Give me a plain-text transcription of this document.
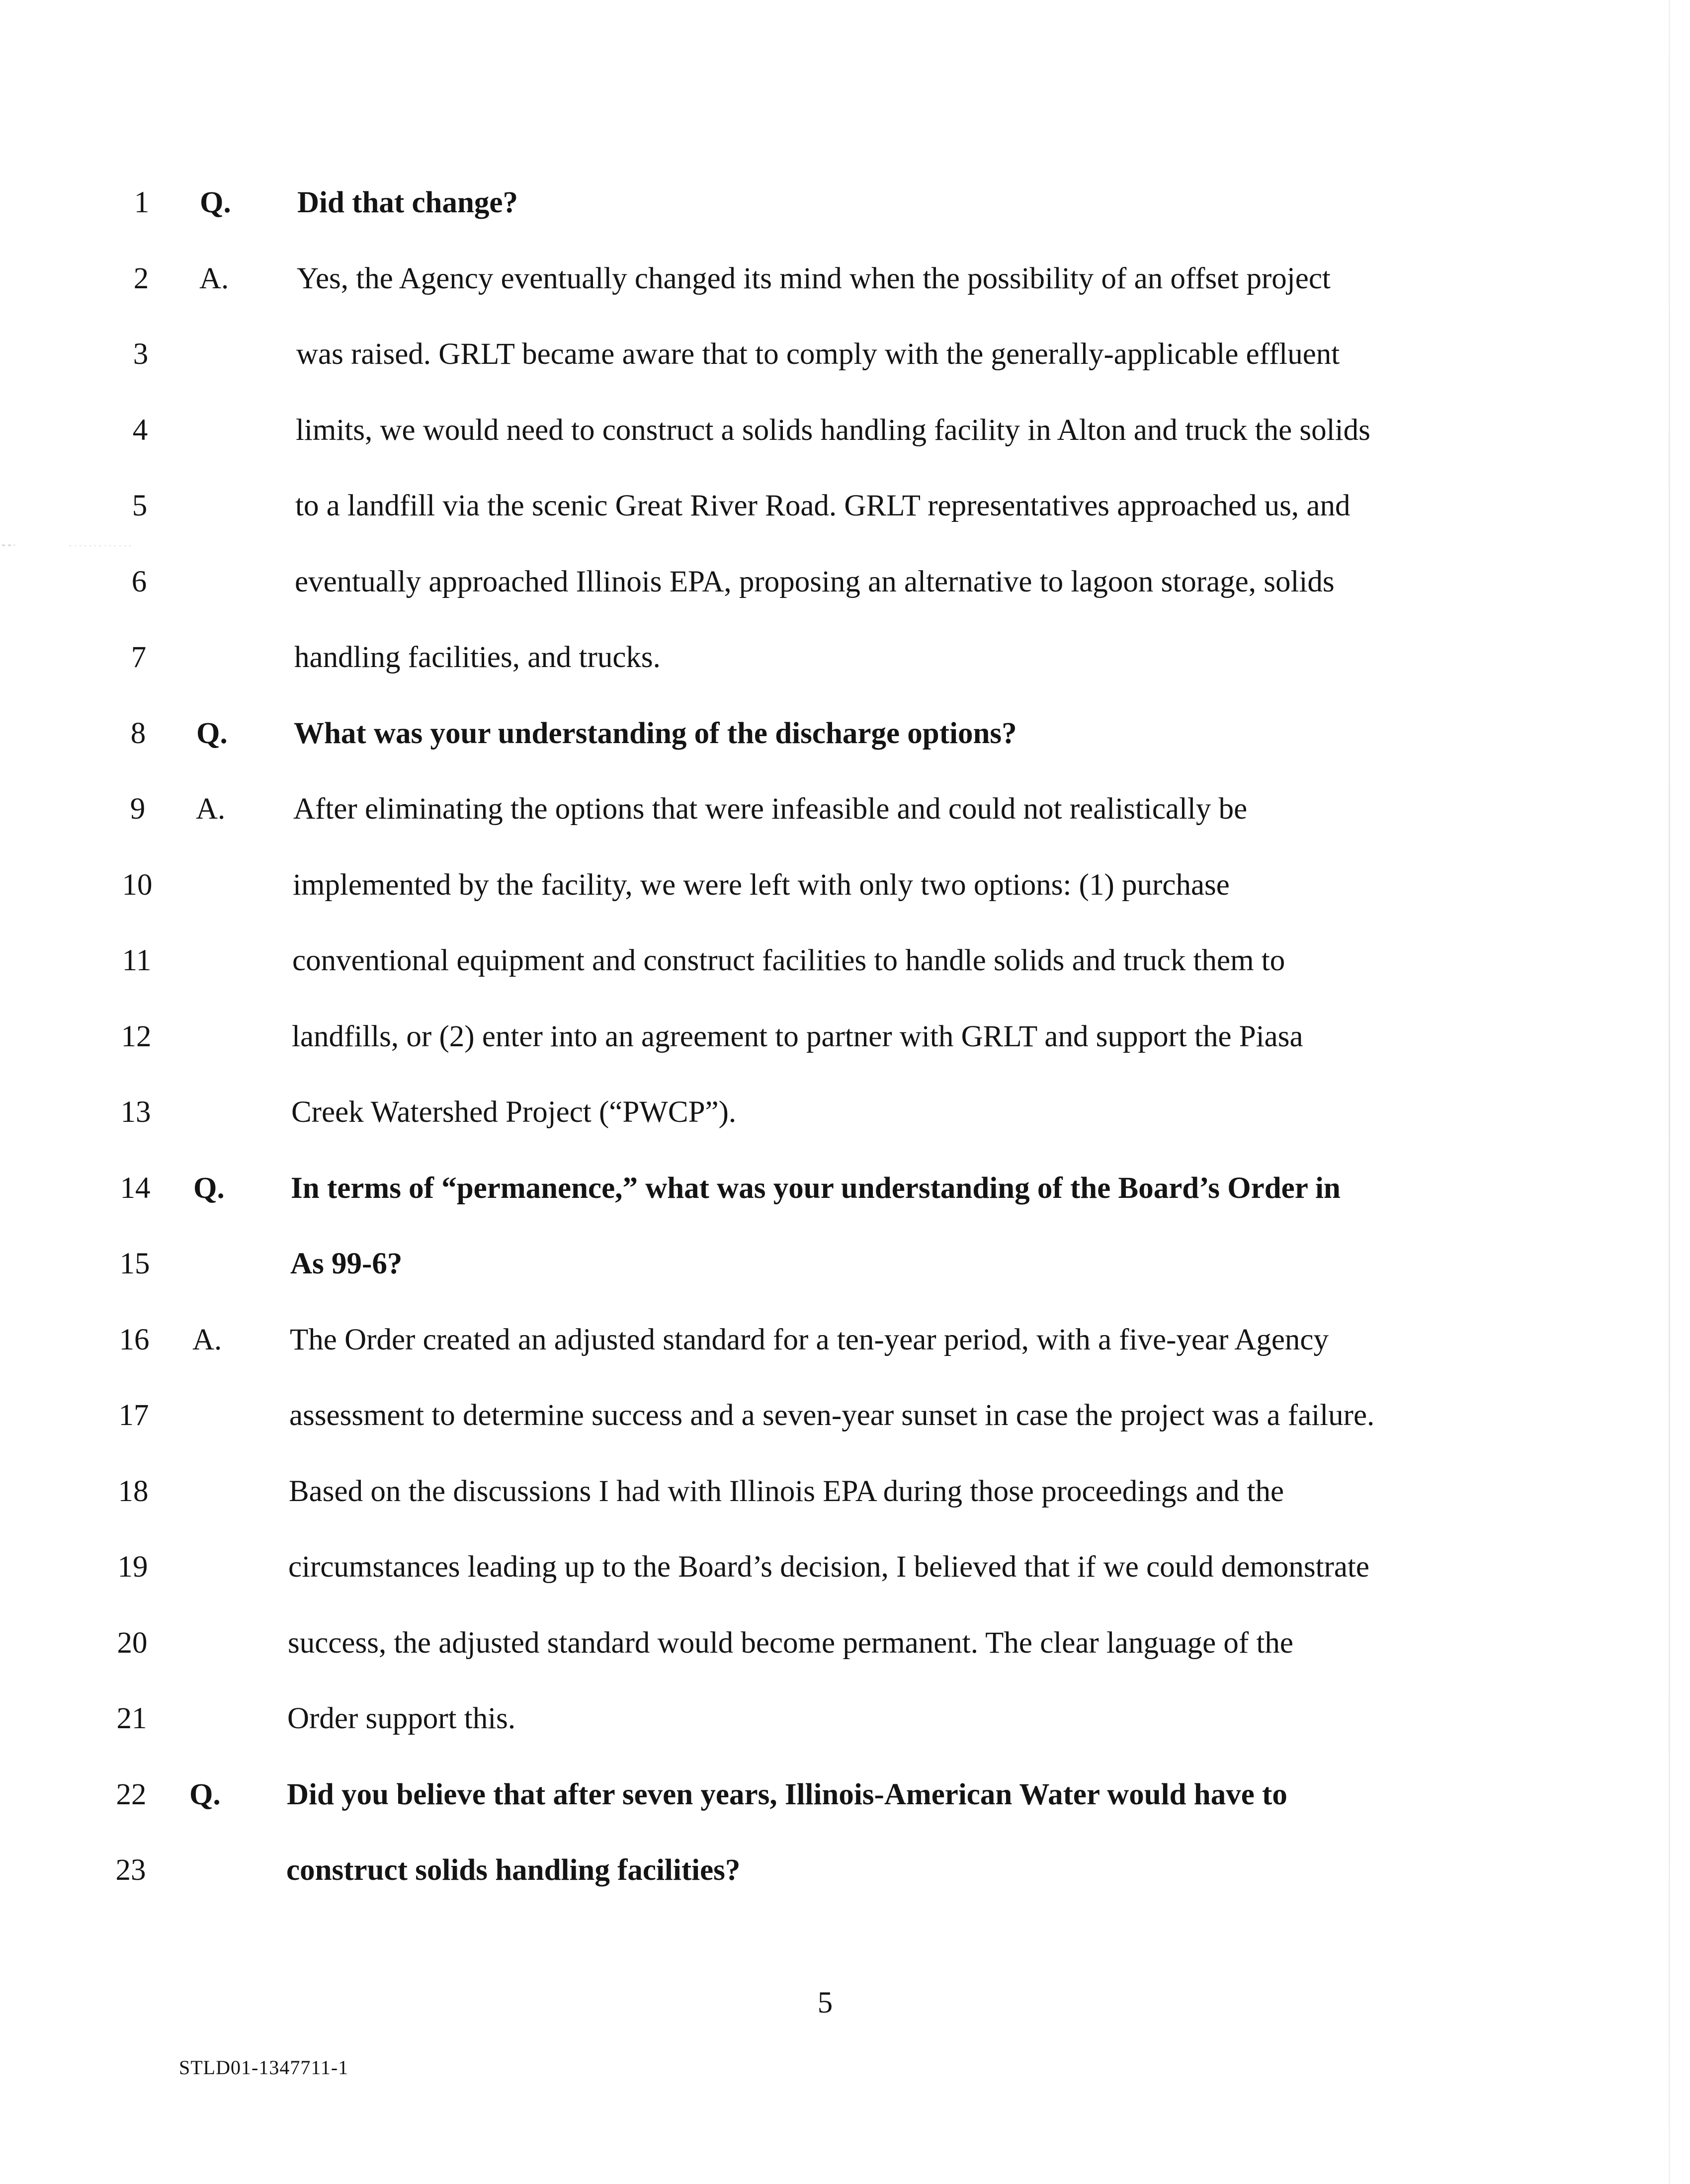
1	Q. Did that change?
2	A. Yes, the Agency eventually changed its mind when the possibility of an offset project
3	was raised. GRLT became aware that to comply with the generally-applicable effluent
4	limits, we would need to construct a solids handling facility in Alton and truck the solids
5	to a landfill via the scenic Great River Road. GRLT representatives approached us, and
6	eventually approached Illinois EPA, proposing an alternative to lagoon storage, solids
7	handling facilities, and trucks.
8	Q. What was your understanding of the discharge options?
9	A. After eliminating the options that were infeasible and could not realistically be
10	implemented by the facility, we were left with only two options: (1) purchase
11	conventional equipment and construct facilities to handle solids and truck them to
12	landfills, or (2) enter into an agreement to partner with GRLT and support the Piasa
13	Creek Watershed Project (“PWCP”).
14	Q. In terms of “permanence,” what was your understanding of the Board’s Order in
15	As 99-6?
16	A. The Order created an adjusted standard for a ten-year period, with a five-year Agency
17	assessment to determine success and a seven-year sunset in case the project was a failure.
18	Based on the discussions I had with Illinois EPA during those proceedings and the
19	circumstances leading up to the Board’s decision, I believed that if we could demonstrate
20	success, the adjusted standard would become permanent. The clear language of the
21	Order support this.
22	Q. Did you believe that after seven years, Illinois-American Water would have to
23	construct solids handling facilities?
5
STLD01-1347711-1
